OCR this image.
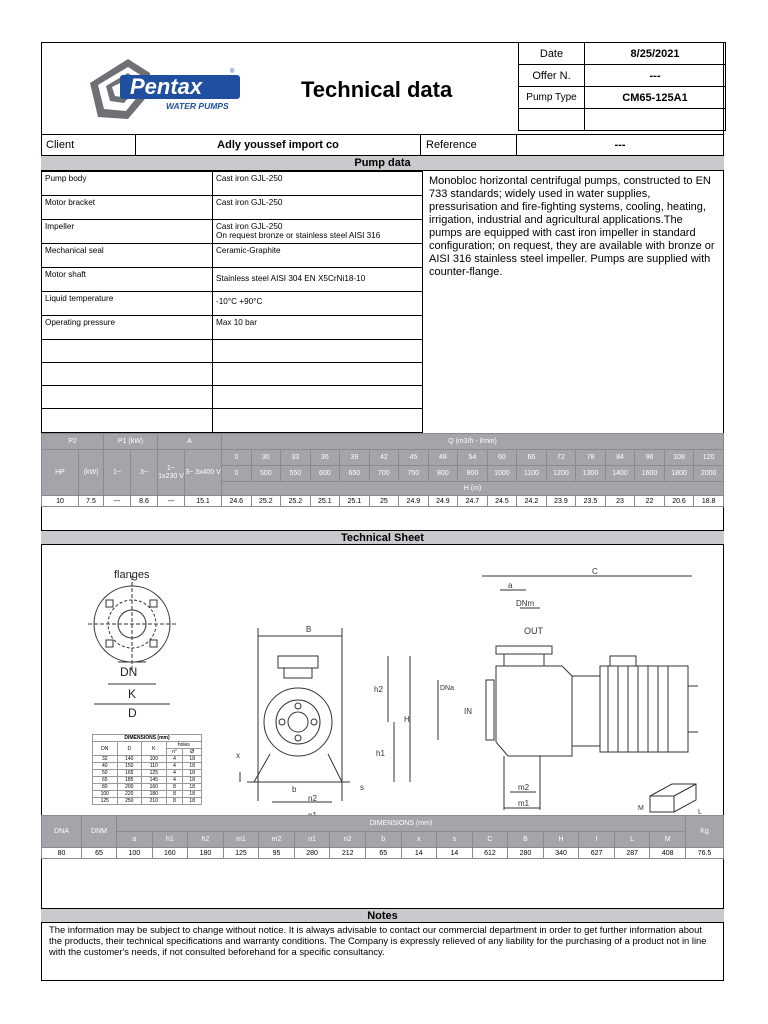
Pentax
®
WATER PUMPS
Technical data
Date	8/25/2021
Offer N.	---
Pump Type	CM65-125A1

Client	Adly youssef import co	Reference	---
Pump data
Pump body	Cast iron GJL-250
Motor bracket	Cast iron GJL-250
Impeller	Cast iron GJL-250
On request bronze or stainless steel AISI 316

Mechanical seal	Ceramic-Graphite
Motor shaft	Stainless steel AISI 304 EN X5CrNi18-10
Liquid temperature	-10°C +90°C
Operating pressure	Max 10 bar

Monobloc horizontal centrifugal pumps, constructed to EN 733 standards; widely used in water supplies, pressurisation and fire-fighting systems, cooling, heating, irrigation, industrial and agricultural applications.The pumps are equipped with cast iron impeller in standard configuration; on request, they are available with bronze or AISI 316 stainless steel impeller. Pumps are supplied with counter-flange.
P2		P1 (kW)		A		Q (m3/h - l/min)																
HP	(kW)	1~	3~	1~ 1x230 V	3~ 3x400 V	0	30	33	36	39	42	45	48	54	60	66	72	78	84	96	108	120
						0	500	550	600	650	700	750	800	900	1000	1100	1200	1300	1400	1600	1800	2000
						H (m)																
10	7.5	---	8.6	---	15.1	24.6	25.2	25.2	25.1	25.1	25	24.9	24.9	24.7	24.5	24.2	23.9	23.5	23	22	20.6	18.8
Technical Sheet
flanges
DN
K
D
B
h2
H
h1
x
b	s
n2
DIMENSIONS (mm)
DN	D	K	holes
n°	Ø
32	140	100	4	18
40	150	110	4	18
50	165	125	4	18
65	185	145	4	18
80	200	160	8	18
100	220	180	8	18
125	250	210	8	18
C
a
DNm
OUT
DNa
IN
m2
m1
M
L
DNA	DNM	DIMENSIONS (mm)																Kg
		a	h1	h2	m1	m2	n1	n2	b	x	s	C	B	H	I	L	M	
80	65	100	160	180	125	95	280	212	65	14	14	612	280	340	627	287	408	76.5
Notes
The information may be subject to change without notice. It is always advisable to contact our commercial department in order to get further information about the products, their technical specifications and warranty conditions. The Company is expressly relieved of any liability for the purchasing of a product not in line with the customer's needs, if not consulted beforehand for a specific consultancy.
